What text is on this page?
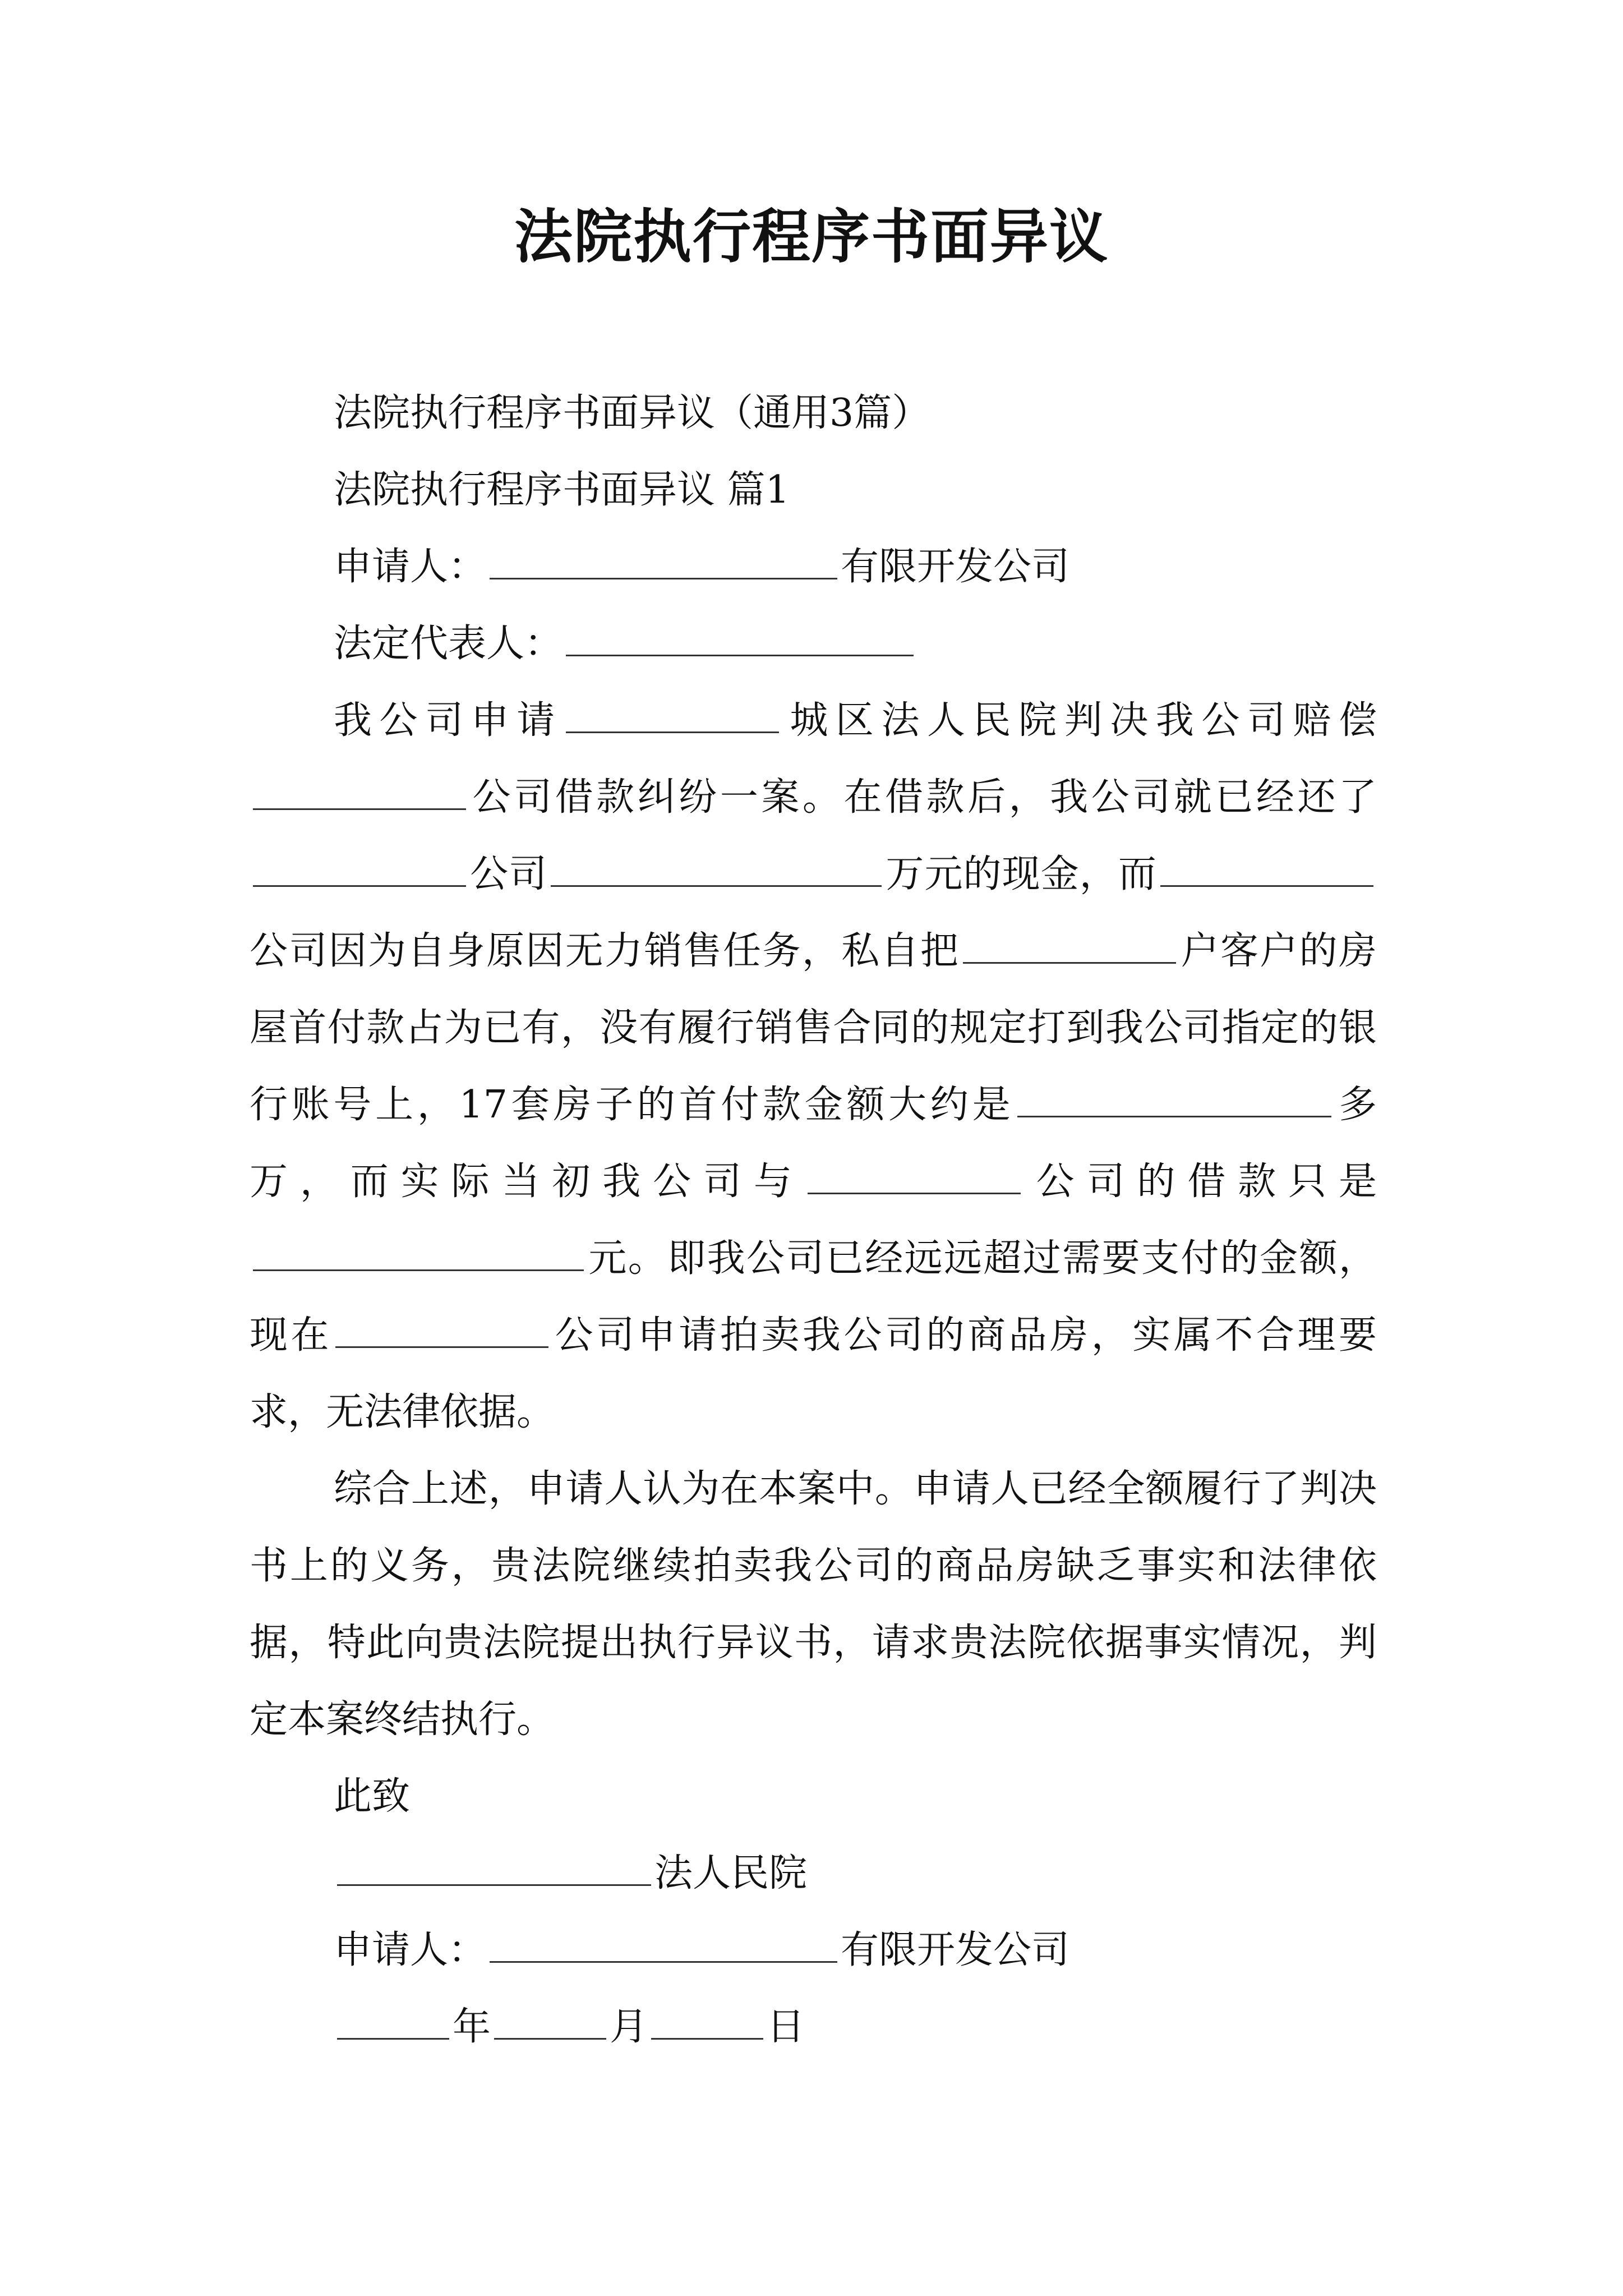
法院执行程序书面异议
法院执行程序书面异议（通用3篇）
法院执行程序书面异议 篇1
申请人：	有限开发公司
法定代表人：
我公司申请	城区法人民院判决我公司赔偿公司借款纠纷一案。在借款后，我公司就已经还了公司	万元的现金，而公司因为自身原因无力销售任务，私自把	户客户的房屋首付款占为已有，没有履行销售合同的规定打到我公司指定的银行账号上，17套房子的首付款金额大约是	多万，而实际当初我公司与	公司的借款只是元。即我公司已经远远超过需要支付的金额，现在	公司申请拍卖我公司的商品房，实属不合理要求，无法律依据。
综合上述，申请人认为在本案中。申请人已经全额履行了判决书上的义务，贵法院继续拍卖我公司的商品房缺乏事实和法律依据，特此向贵法院提出执行异议书，请求贵法院依据事实情况，判定本案终结执行。
此致
法人民院
申请人：	有限开发公司
年	月	日
